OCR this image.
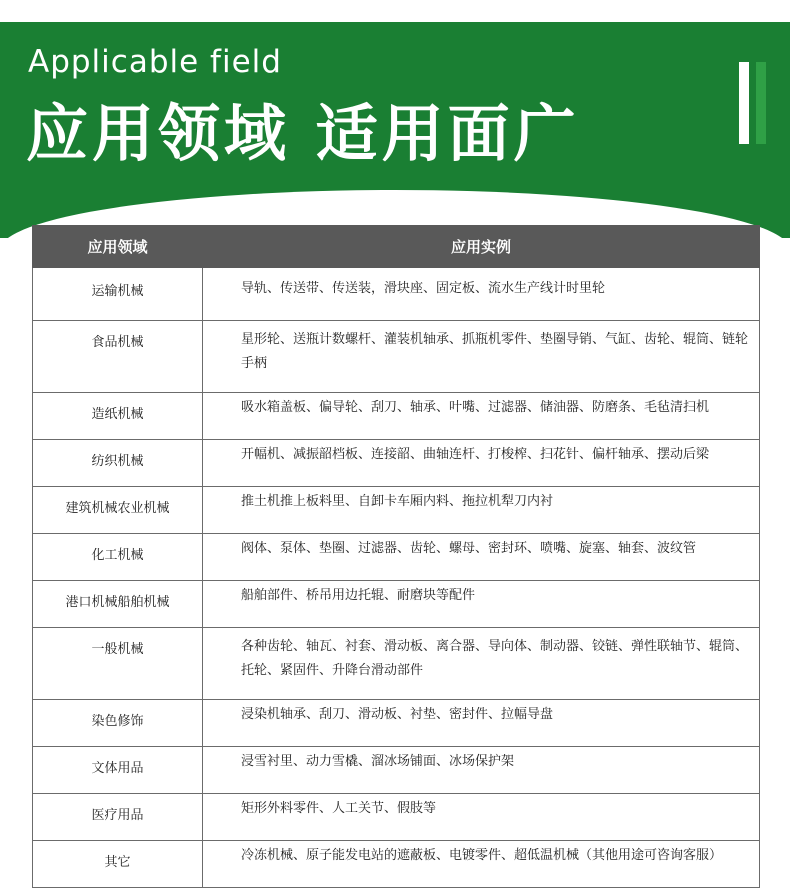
Applicable field
应用领域 适用面广
应用领域	应用实例
运输机械	导轨、传送带、传送装，滑块座、固定板、流水生产线计时里轮
食品机械	星形轮、送瓶计数螺杆、灌装机轴承、抓瓶机零件、垫圈导销、气缸、齿轮、辊筒、链轮手柄
造纸机械	吸水箱盖板、偏导轮、刮刀、轴承、叶嘴、过滤器、储油器、防磨条、毛毡清扫机
纺织机械	开幅机、减振韶档板、连接韶、曲轴连杆、打梭榨、扫花针、偏杆轴承、摆动后梁
建筑机械农业机械	推土机推上板料里、自卸卡车厢内料、拖拉机犁刀内衬
化工机械	阀体、泵体、垫圈、过滤器、齿轮、螺母、密封环、喷嘴、旋塞、轴套、波纹管
港口机械船舶机械	船舶部件、桥吊用边托辊、耐磨块等配件
一般机械	各种齿轮、轴瓦、衬套、滑动板、离合器、导向体、制动器、铰链、弹性联轴节、辊筒、托轮、紧固件、升降台滑动部件
染色修饰	浸染机轴承、刮刀、滑动板、衬垫、密封件、拉幅导盘
文体用品	浸雪衬里、动力雪橇、溜冰场铺面、冰场保护架
医疗用品	矩形外料零件、人工关节、假肢等
其它	冷冻机械、原子能发电站的遮蔽板、电镀零件、超低温机械（其他用途可咨询客服）
